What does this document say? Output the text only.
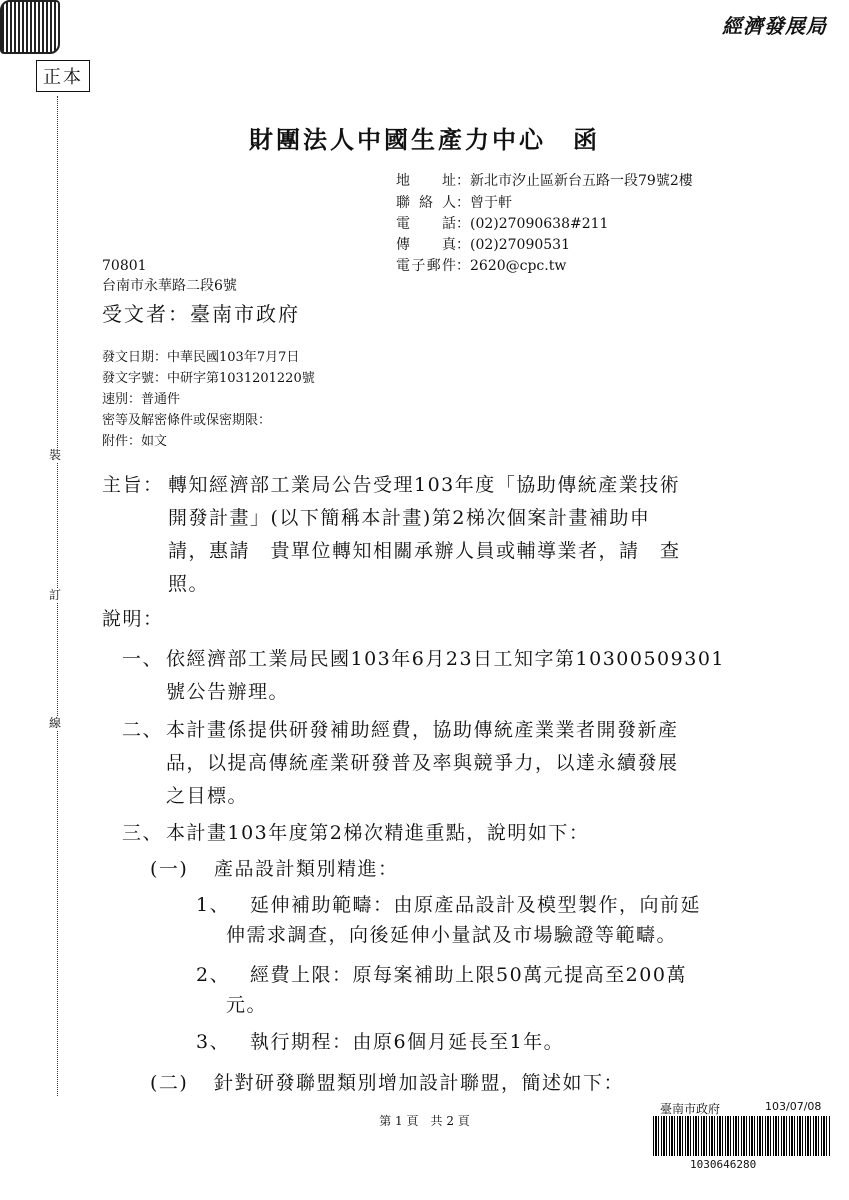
經濟發展局
正本
裝
訂
線
財團法人中國生產力中心　函
地址：新北市汐止區新台五路一段79號2樓
聯絡人：曾于軒
電話：(02)27090638#211
傳真：(02)27090531
電子郵件：2620@cpc.tw
70801
台南市永華路二段6號
受文者：臺南市政府
發文日期：中華民國103年7月7日
發文字號：中研字第1031201220號
速別：普通件
密等及解密條件或保密期限：
附件：如文
主旨： 轉知經濟部工業局公告受理103年度「協助傳統產業技術
開發計畫」(以下簡稱本計畫)第2梯次個案計畫補助申
請，惠請　貴單位轉知相關承辦人員或輔導業者，請　查
照。
說明：
一、 依經濟部工業局民國103年6月23日工知字第10300509301
號公告辦理。
二、 本計畫係提供研發補助經費，協助傳統產業業者開發新產
品，以提高傳統產業研發普及率與競爭力，以達永續發展
之目標。
三、 本計畫103年度第2梯次精進重點，說明如下：
(一) 產品設計類別精進：
1、 延伸補助範疇：由原產品設計及模型製作，向前延
伸需求調查，向後延伸小量試及市場驗證等範疇。
2、 經費上限：原每案補助上限50萬元提高至200萬
元。
3、 執行期程：由原6個月延長至1年。
(二) 針對研發聯盟類別增加設計聯盟，簡述如下：
第 1 頁　共 2 頁
臺南市政府	103/07/08
1030646280
